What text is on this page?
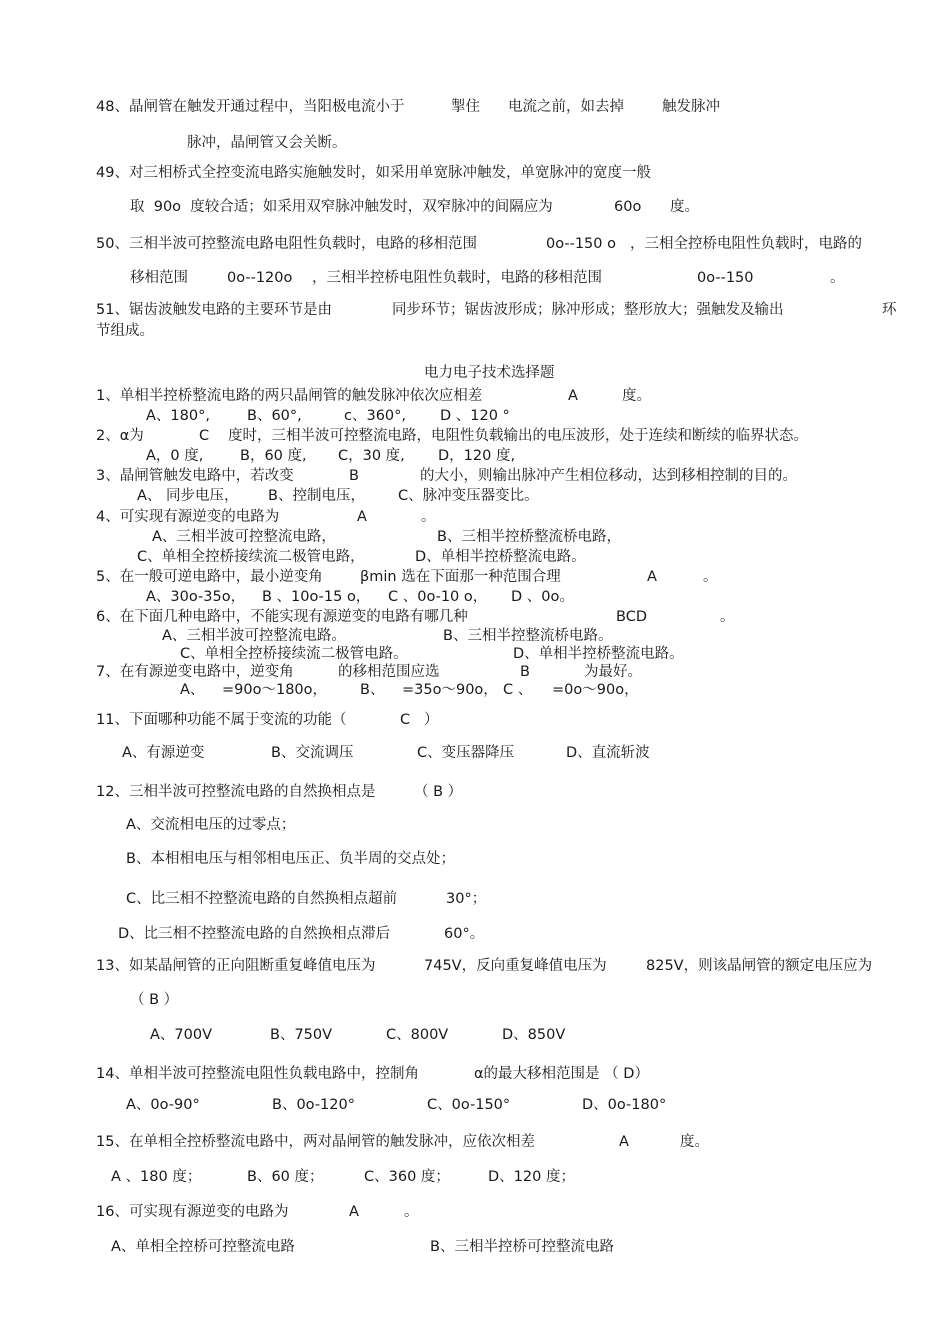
48、晶闸管在触发开通过程中，当阳极电流小于	掣住 电流之前，如去掉	触发脉冲
脉冲，晶闸管又会关断。
49、对三相桥式全控变流电路实施触发时，如采用单宽脉冲触发，单宽脉冲的宽度一般
取  90o  度较合适；如采用双窄脉冲触发时，双窄脉冲的间隔应为	60o 度。
50、三相半波可控整流电路电阻性负载时，电路的移相范围	0o--150 o ，三相全控桥电阻性负载时，电路的
移相范围	0o--120o ，三相半控桥电阻性负载时，电路的移相范围	0o--150	。
51、锯齿波触发电路的主要环节是由	同步环节；锯齿波形成；脉冲形成；整形放大；强触发及输出	环
节组成。
电力电子技术选择题
1、单相半控桥整流电路的两只晶闸管的触发脉冲依次应相差	A	度。
A、180°,	B、60°,	c、360°, D 、120 °
2、α为	C 度时，三相半波可控整流电路，电阻性负载输出的电压波形，处于连续和断续的临界状态。
A，0 度,	B，60 度, C，30 度, D，120 度,
3、晶闸管触发电路中，若改变	B	的大小，则输出脉冲产生相位移动，达到移相控制的目的。
A、 同步电压， B、控制电压， C、脉冲变压器变比。
4、可实现有源逆变的电路为	A	。
A、三相半波可控整流电路，	B、三相半控桥整流桥电路，
C、单相全控桥接续流二极管电路，	D、单相半控桥整流电路。
5、在一般可逆电路中，最小逆变角	βmin 选在下面那一种范围合理	A	。
A、30o-35o， B 、10o-15 o， C 、0o-10 o， D 、0o。
6、在下面几种电路中，不能实现有源逆变的电路有哪几种	BCD	。
A、三相半波可控整流电路。	B、三相半控整流桥电路。
C、单相全控桥接续流二极管电路。	D、单相半控桥整流电路。
7、在有源逆变电路中，逆变角	的移相范围应选	B	为最好。
A、 =90o～180o， B、 =35o～90o， C 、 =0o～90o，
11、下面哪种功能不属于变流的功能（	C ）
A、有源逆变	B、交流调压	C、变压器降压	D、直流斩波
12、三相半波可控整流电路的自然换相点是	（ B ）
A、交流相电压的过零点；
B、本相相电压与相邻相电压正、负半周的交点处；
C、比三相不控整流电路的自然换相点超前	30°；
D、比三相不控整流电路的自然换相点滞后	60°。
13、如某晶闸管的正向阻断重复峰值电压为	745V，反向重复峰值电压为	825V，则该晶闸管的额定电压应为
（ B ）
A、700V	B、750V	C、800V	D、850V
14、单相半波可控整流电阻性负载电路中，控制角	α的最大移相范围是 （ D）
A、0o-90°	B、0o-120°	C、0o-150°	D、0o-180°
15、在单相全控桥整流电路中，两对晶闸管的触发脉冲，应依次相差	A	度。
A 、180 度；	B、60 度；	C、360 度；	D、120 度；
16、可实现有源逆变的电路为	A	。
A、单相全控桥可控整流电路	B、三相半控桥可控整流电路
